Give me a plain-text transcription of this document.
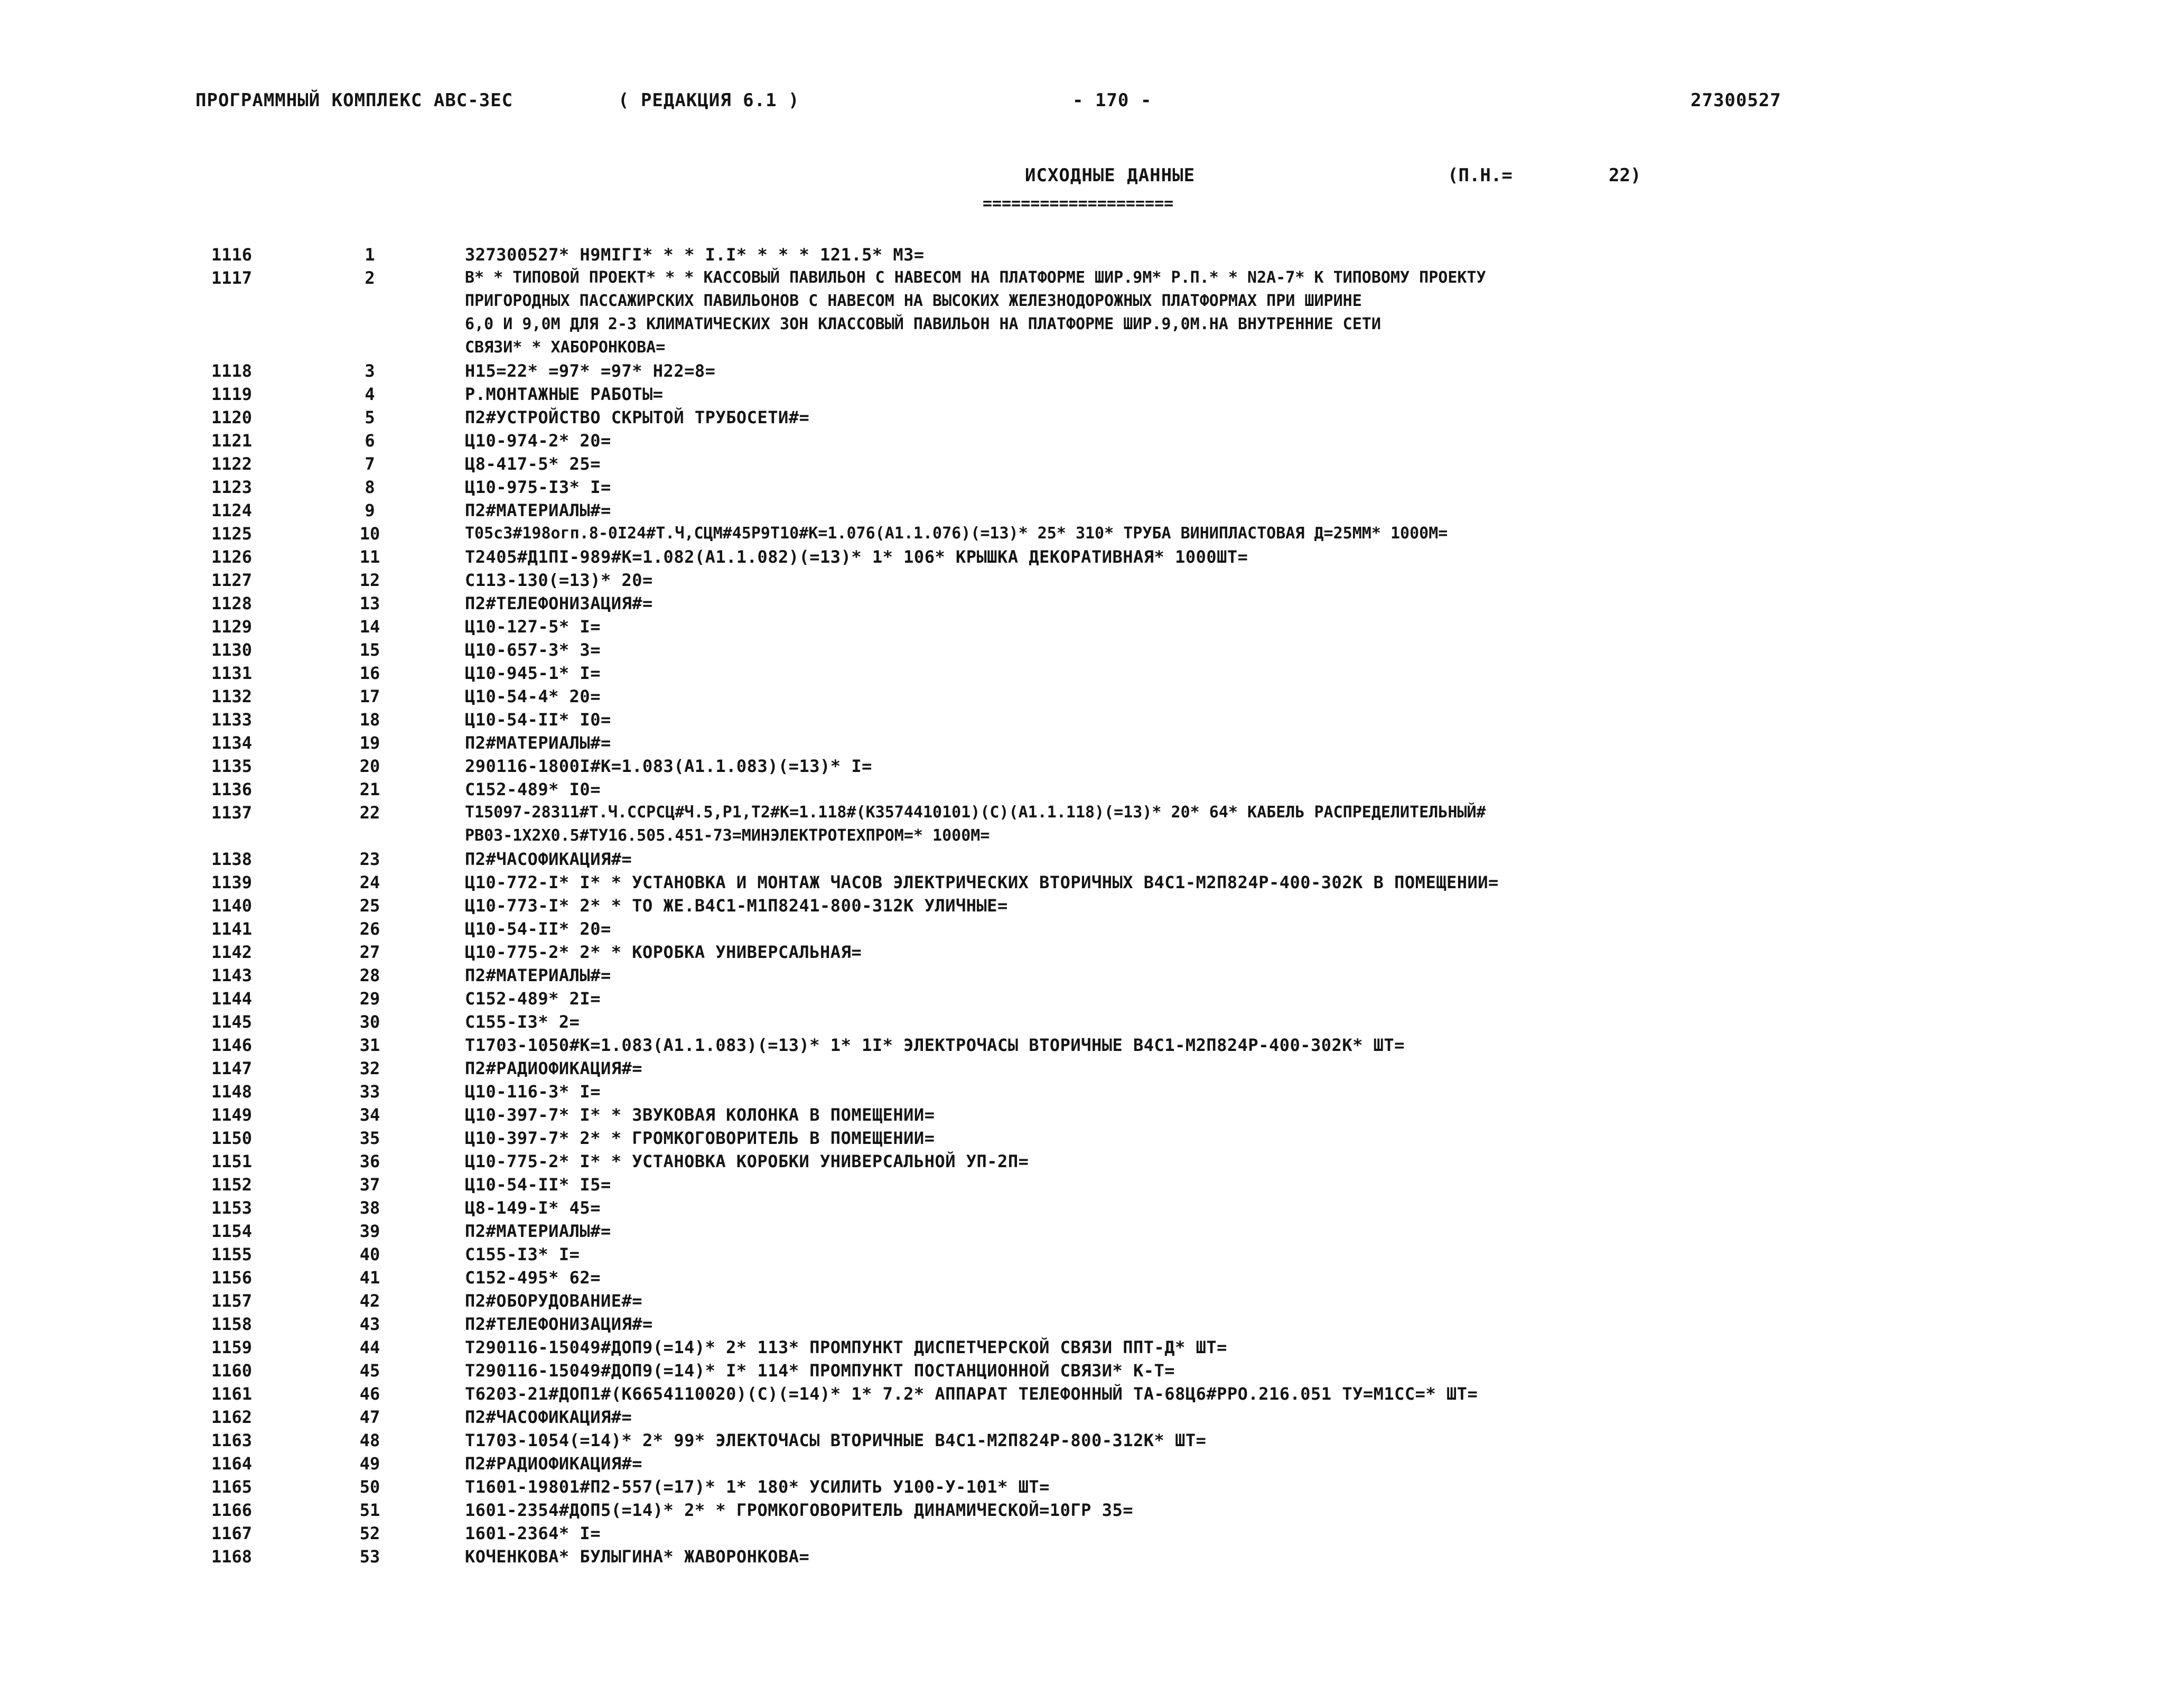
ПРОГРАММНЫЙ КОМПЛЕКС АВС-3ЕС	( РЕДАКЦИЯ 6.1 )	- 170 -	27300527
ИСХОДНЫЕ ДАННЫЕ
====================
(П.Н.=	22)
1116	1	327300527* Н9МIГI* * * I.I* * * * 121.5* МЗ=
1117	2	В* * ТИПОВОЙ ПРОЕКТ* * * КАССОВЫЙ ПАВИЛЬОН С НАВЕСОМ НА ПЛАТФОРМЕ ШИР.9М* Р.П.* * N2А-7* К ТИПОВОМУ ПРОЕКТУ
ПРИГОРОДНЫХ ПАССАЖИРСКИХ ПАВИЛЬОНОВ С НАВЕСОМ НА ВЫСОКИХ ЖЕЛЕЗНОДОРОЖНЫХ ПЛАТФОРМАХ ПРИ ШИРИНЕ
6,0 И 9,0М ДЛЯ 2-3 КЛИМАТИЧЕСКИХ ЗОН КЛАССОВЫЙ ПАВИЛЬОН НА ПЛАТФОРМЕ ШИР.9,0М.НА ВНУТРЕННИЕ СЕТИ
СВЯЗИ* * ХАБОРОНКОВА=
1118	3	Н15=22* =97* =97* Н22=8=
1119	4	Р.МОНТАЖНЫЕ РАБОТЫ=
1120	5	П2#УСТРОЙСТВО СКРЫТОЙ ТРУБОСЕТИ#=
1121	6	Ц10-974-2* 20=
1122	7	Ц8-417-5* 25=
1123	8	Ц10-975-I3* I=
1124	9	П2#МАТЕРИАЛЫ#=
1125	10	Т05с3#198огп.8-0I24#Т.Ч,СЦМ#45Р9Т10#К=1.076(А1.1.076)(=13)* 25* 310* ТРУБА ВИНИПЛАСТОВАЯ Д=25ММ* 1000М=
1126	11	Т2405#Д1ПI-989#К=1.082(А1.1.082)(=13)* 1* 106* КРЫШКА ДЕКОРАТИВНАЯ* 1000ШТ=
1127	12	С113-130(=13)* 20=
1128	13	П2#ТЕЛЕФОНИЗАЦИЯ#=
1129	14	Ц10-127-5* I=
1130	15	Ц10-657-3* 3=
1131	16	Ц10-945-1* I=
1132	17	Ц10-54-4* 20=
1133	18	Ц10-54-II* I0=
1134	19	П2#МАТЕРИАЛЫ#=
1135	20	290116-1800I#К=1.083(А1.1.083)(=13)* I=
1136	21	С152-489* I0=
1137	22	Т15097-28311#Т.Ч.ССРСЦ#Ч.5,Р1,Т2#К=1.118#(К3574410101)(С)(А1.1.118)(=13)* 20* 64* КАБЕЛЬ РАСПРЕДЕЛИТЕЛЬНЫЙ#
РВ03-1Х2Х0.5#ТУ16.505.451-73=МИНЭЛЕКТРОТЕХПРОМ=* 1000М=
1138	23	П2#ЧАСОФИКАЦИЯ#=
1139	24	Ц10-772-I* I* * УСТАНОВКА И МОНТАЖ ЧАСОВ ЭЛЕКТРИЧЕСКИХ ВТОРИЧНЫХ В4С1-М2П824Р-400-302К В ПОМЕЩЕНИИ=
1140	25	Ц10-773-I* 2* * ТО ЖЕ.В4С1-М1П8241-800-312К УЛИЧНЫЕ=
1141	26	Ц10-54-II* 20=
1142	27	Ц10-775-2* 2* * КОРОБКА УНИВЕРСАЛЬНАЯ=
1143	28	П2#МАТЕРИАЛЫ#=
1144	29	С152-489* 2I=
1145	30	С155-I3* 2=
1146	31	Т1703-1050#К=1.083(А1.1.083)(=13)* 1* 1I* ЭЛЕКТРОЧАСЫ ВТОРИЧНЫЕ В4С1-М2П824Р-400-302К* ШТ=
1147	32	П2#РАДИОФИКАЦИЯ#=
1148	33	Ц10-116-3* I=
1149	34	Ц10-397-7* I* * ЗВУКОВАЯ КОЛОНКА В ПОМЕЩЕНИИ=
1150	35	Ц10-397-7* 2* * ГРОМКОГОВОРИТЕЛЬ В ПОМЕЩЕНИИ=
1151	36	Ц10-775-2* I* * УСТАНОВКА КОРОБКИ УНИВЕРСАЛЬНОЙ УП-2П=
1152	37	Ц10-54-II* I5=
1153	38	Ц8-149-I* 45=
1154	39	П2#МАТЕРИАЛЫ#=
1155	40	С155-I3* I=
1156	41	С152-495* 62=
1157	42	П2#ОБОРУДОВАНИЕ#=
1158	43	П2#ТЕЛЕФОНИЗАЦИЯ#=
1159	44	Т290116-15049#ДОП9(=14)* 2* 113* ПРОМПУНКТ ДИСПЕТЧЕРСКОЙ СВЯЗИ ППТ-Д* ШТ=
1160	45	Т290116-15049#ДОП9(=14)* I* 114* ПРОМПУНКТ ПОСТАНЦИОННОЙ СВЯЗИ* К-Т=
1161	46	Т6203-21#ДОП1#(К6654110020)(С)(=14)* 1* 7.2* АППАРАТ ТЕЛЕФОННЫЙ ТА-68Ц6#РРО.216.051 ТУ=М1СС=* ШТ=
1162	47	П2#ЧАСОФИКАЦИЯ#=
1163	48	Т1703-1054(=14)* 2* 99* ЭЛЕКТОЧАСЫ ВТОРИЧНЫЕ В4С1-М2П824Р-800-312К* ШТ=
1164	49	П2#РАДИОФИКАЦИЯ#=
1165	50	Т1601-19801#П2-557(=17)* 1* 180* УСИЛИТЬ У100-У-101* ШТ=
1166	51	1601-2354#ДОП5(=14)* 2* * ГРОМКОГОВОРИТЕЛЬ ДИНАМИЧЕСКОЙ=10ГР 35=
1167	52	1601-2364* I=
1168	53	КОЧЕНКОВА* БУЛЫГИНА* ЖАВОРОНКОВА=
